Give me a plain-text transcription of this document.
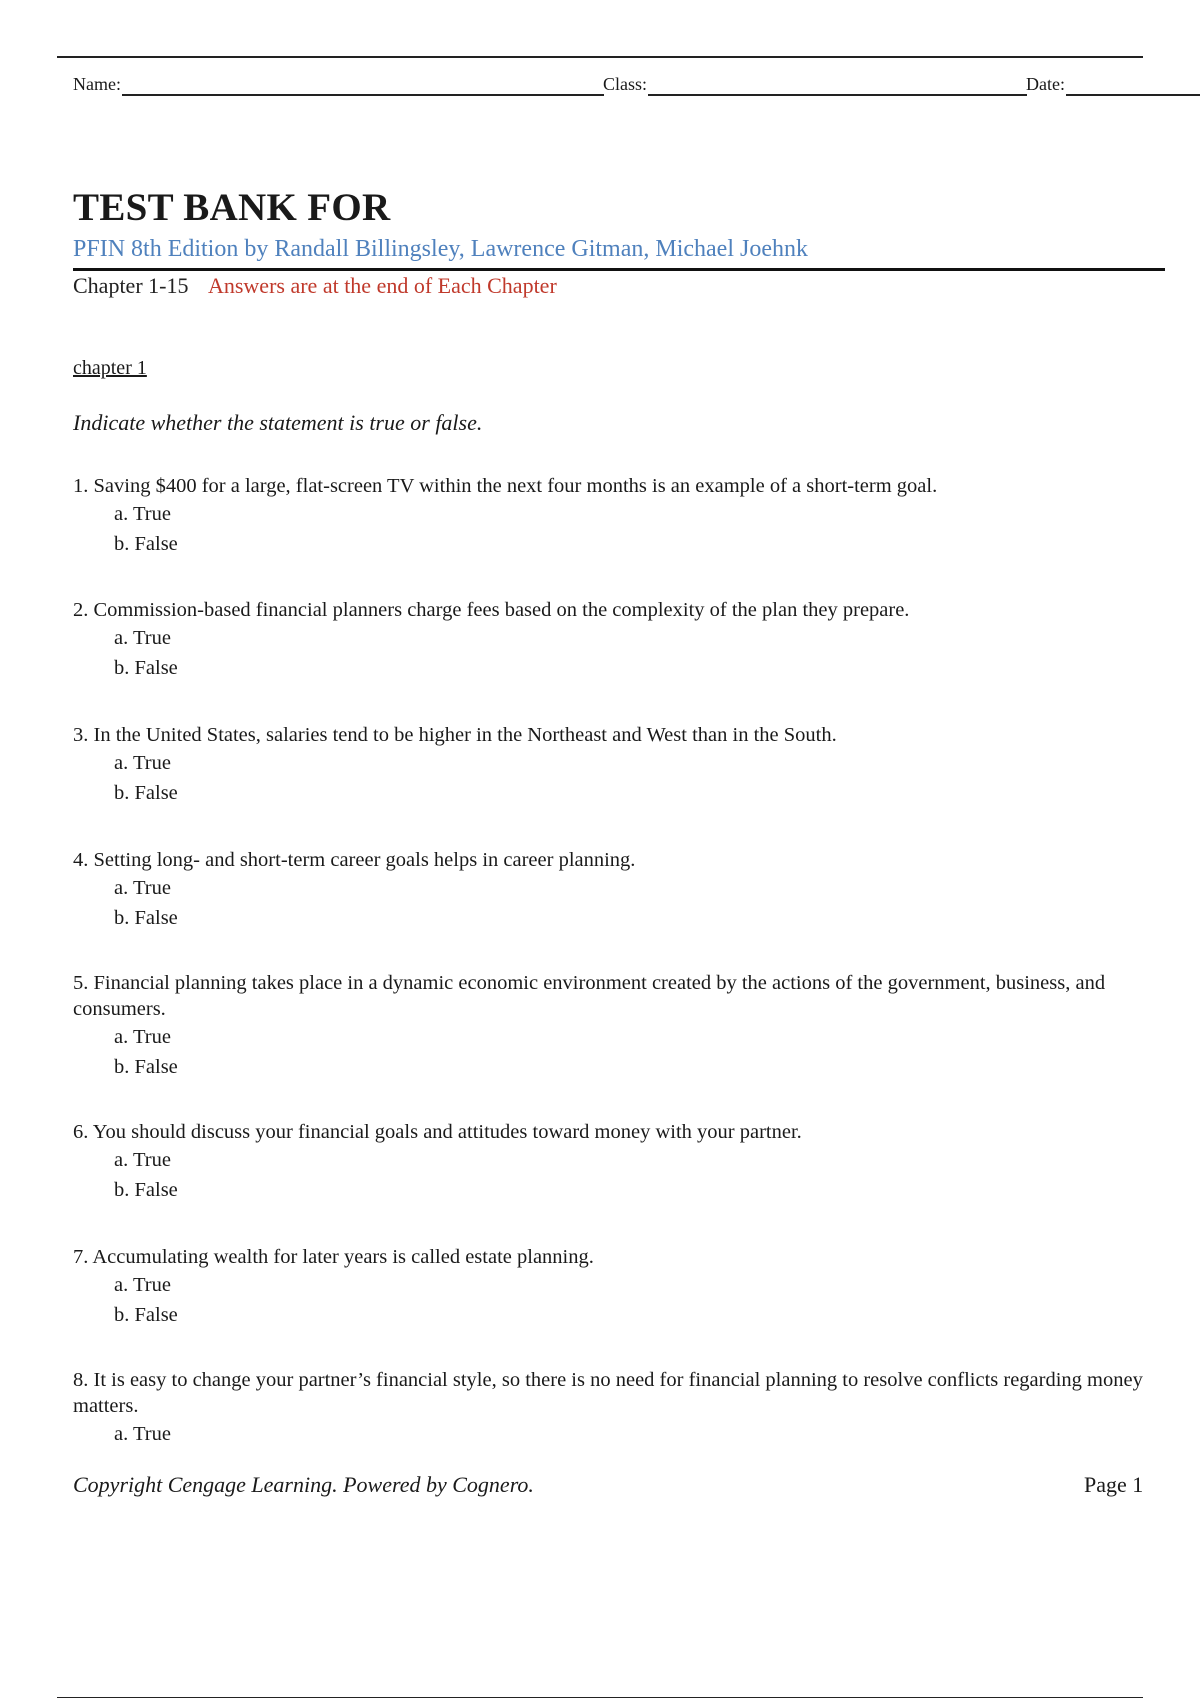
Name:	Class:	Date:
TEST BANK FOR
PFIN 8th Edition by Randall Billingsley, Lawrence Gitman, Michael Joehnk
Chapter 1-15 Answers are at the end of Each Chapter
chapter 1
Indicate whether the statement is true or false.

1. Saving $400 for a large, flat-screen TV within the next four months is an example of a short-term goal.

a. True
b. False

2. Commission-based financial planners charge fees based on the complexity of the plan they prepare.

a. True
b. False

3. In the United States, salaries tend to be higher in the Northeast and West than in the South.

a. True
b. False

4. Setting long- and short-term career goals helps in career planning.

a. True
b. False

5. Financial planning takes place in a dynamic economic environment created by the actions of the government, business, and consumers.

a. True
b. False

6. You should discuss your financial goals and attitudes toward money with your partner.

a. True
b. False

7. Accumulating wealth for later years is called estate planning.

a. True
b. False

8. It is easy to change your partner’s financial style, so there is no need for financial planning to resolve conflicts regarding money matters.

a. True
Copyright Cengage Learning. Powered by Cognero.	Page 1
